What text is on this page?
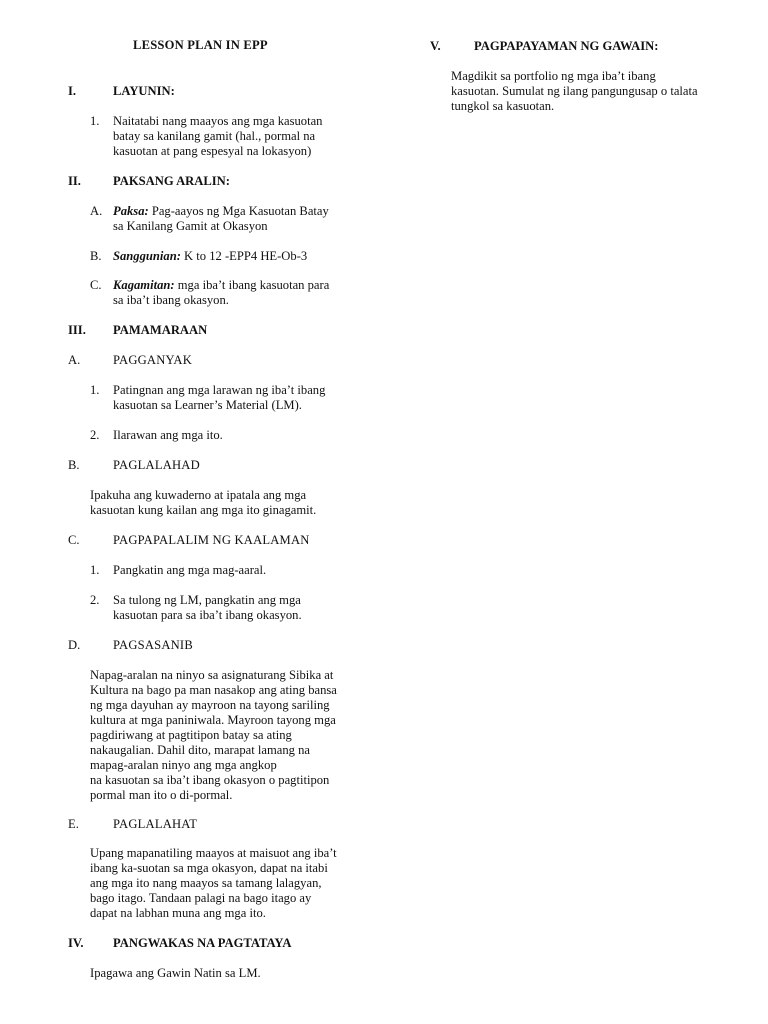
LESSON PLAN IN EPP
I.	LAYUNIN:
1. Naitatabi nang maayos ang mga kasuotan
batay sa kanilang gamit (hal., pormal na
kasuotan at pang espesyal na lokasyon)
II.	PAKSANG ARALIN:
A. Paksa: Pag-aayos ng Mga Kasuotan Batay
sa Kanilang Gamit at Okasyon
B. Sanggunian: K to 12 -EPP4 HE-Ob-3
C. Kagamitan: mga iba’t ibang kasuotan para
sa iba’t ibang okasyon.
III. PAMAMARAAN
A.	PAGGANYAK
1. Patingnan ang mga larawan ng iba’t ibang
kasuotan sa Learner’s Material (LM).
2. Ilarawan ang mga ito.
B.	PAGLALAHAD
Ipakuha ang kuwaderno at ipatala ang mga
kasuotan kung kailan ang mga ito ginagamit.
C.	PAGPAPALALIM NG KAALAMAN
1. Pangkatin ang mga mag-aaral.
2. Sa tulong ng LM, pangkatin ang mga
kasuotan para sa iba’t ibang okasyon.
D.	PAGSASANIB
Napag-aralan na ninyo sa asignaturang Sibika at
Kultura na bago pa man nasakop ang ating bansa
ng mga dayuhan ay mayroon na tayong sariling
kultura at mga paniniwala. Mayroon tayong mga
pagdiriwang at pagtitipon batay sa ating
nakaugalian. Dahil dito, marapat lamang na
mapag-aralan ninyo ang mga angkop
na kasuotan sa iba’t ibang okasyon o pagtitipon
pormal man ito o di-pormal.
E.	PAGLALAHAT
Upang mapanatiling maayos at maisuot ang iba’t
ibang ka-suotan sa mga okasyon, dapat na itabi
ang mga ito nang maayos sa tamang lalagyan,
bago itago. Tandaan palagi na bago itago ay
dapat na labhan muna ang mga ito.
IV. PANGWAKAS NA PAGTATAYA
Ipagawa ang Gawin Natin sa LM.
V.	PAGPAPAYAMAN NG GAWAIN:
Magdikit sa portfolio ng mga iba’t ibang
kasuotan. Sumulat ng ilang pangungusap o talata
tungkol sa kasuotan.
